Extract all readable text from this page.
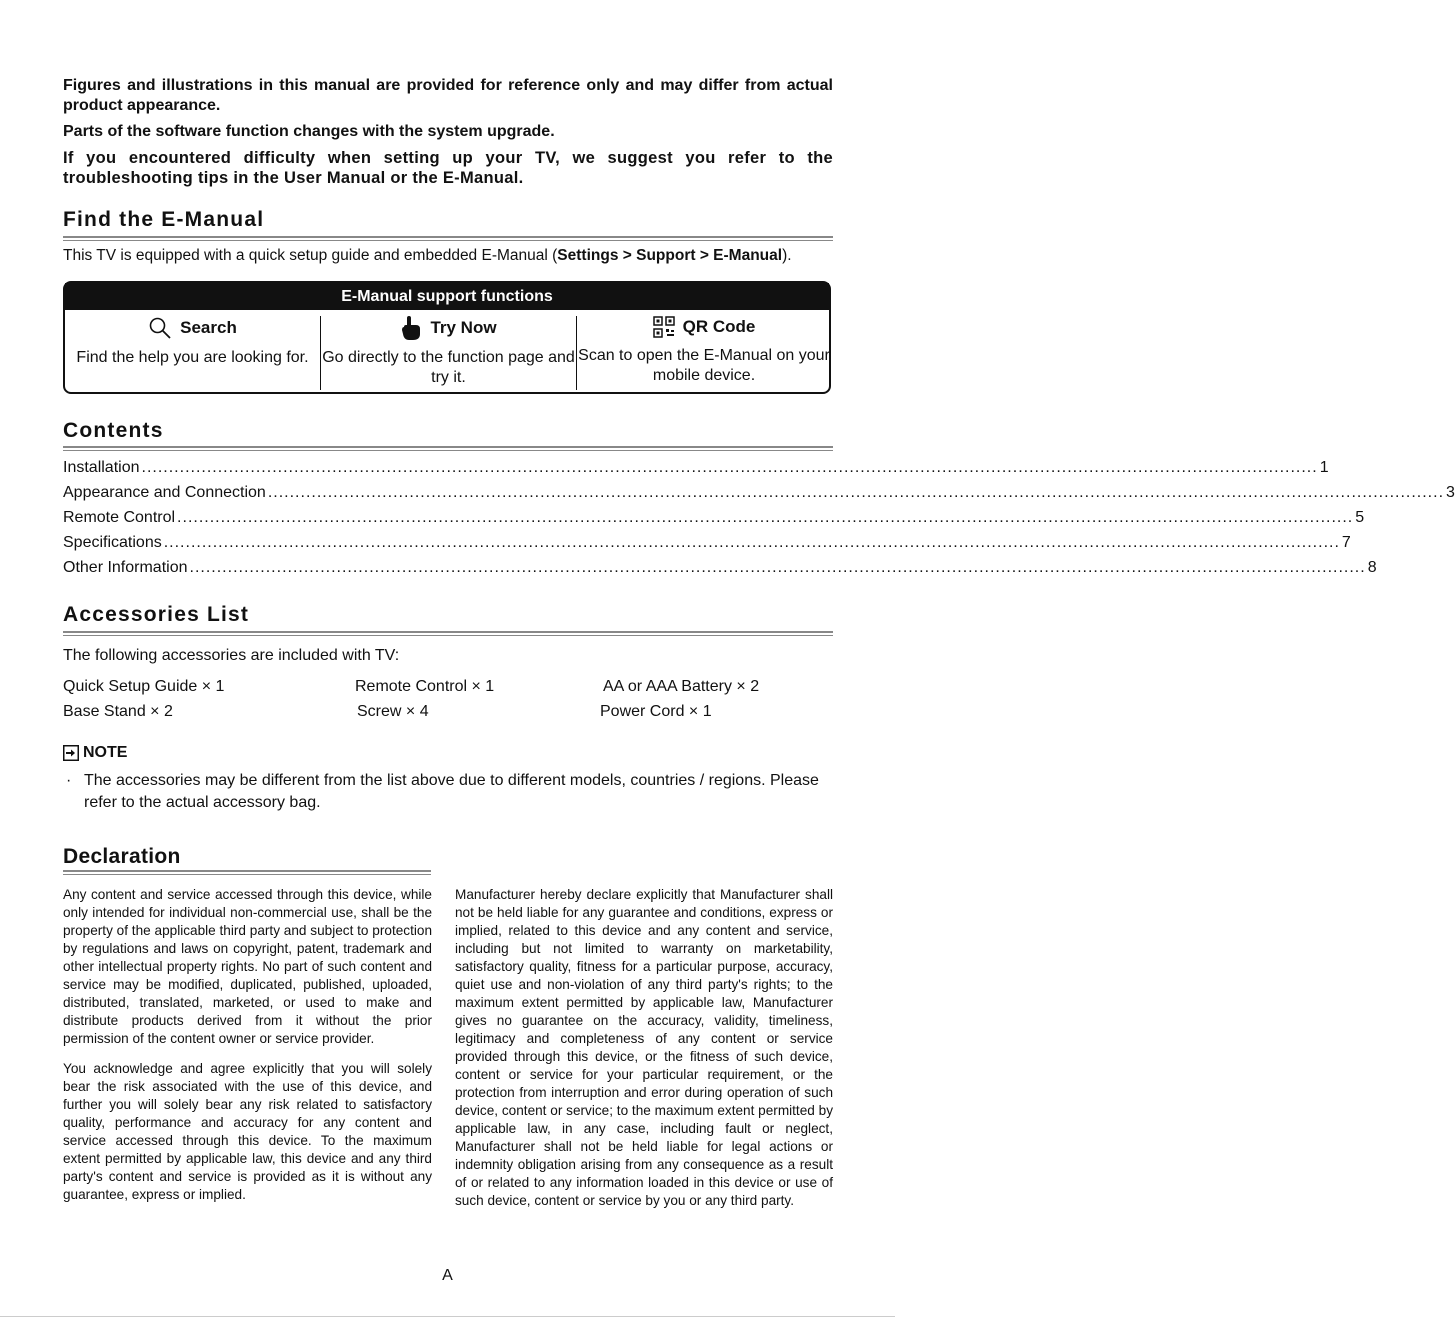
Figures and illustrations in this manual are provided for reference only and may differ from actual product appearance.
Parts of the software function changes with the system upgrade.
If you encountered difficulty when setting up your TV, we suggest you refer to the troubleshooting tips in the User Manual or the E-Manual.
Find the E-Manual
This TV is equipped with a quick setup guide and embedded E-Manual (Settings > Support > E-Manual).
E-Manual support functions
Search
Find the help you are looking for.
Try Now
Go directly to the function page and try it.
QR Code
Scan to open the E-Manual on your mobile device.
Contents
Installation ........................................................................................................................................................................................................................ 1
Appearance and Connection ........................................................................................................................................................................................................................ 3
Remote Control ........................................................................................................................................................................................................................ 5
Specifications ........................................................................................................................................................................................................................ 7
Other Information ........................................................................................................................................................................................................................ 8
Accessories List
The following accessories are included with TV:
Quick Setup Guide × 1	Remote Control × 1	AA or AAA Battery × 2
Base Stand × 2	Screw × 4	Power Cord × 1
NOTE
· The accessories may be different from the list above due to different models, countries / regions. Please refer to the actual accessory bag.
Declaration

Any content and service accessed through this device, while only intended for individual non-commercial use, shall be the property of the applicable third party and subject to protection by regulations and laws on copyright, patent, trademark and other intellectual property rights. No part of such content and service may be modified, duplicated, published, uploaded, distributed, translated, marketed, or used to make and distribute products derived from it without the prior permission of the content owner or service provider.

You acknowledge and agree explicitly that you will solely bear the risk associated with the use of this device, and further you will solely bear any risk related to satisfactory quality, performance and accuracy for any content and service accessed through this device. To the maximum extent permitted by applicable law, this device and any third party's content and service is provided as it is without any guarantee, express or implied.

Manufacturer hereby declare explicitly that Manufacturer shall not be held liable for any guarantee and conditions, express or implied, related to this device and any content and service, including but not limited to warranty on marketability, satisfactory quality, fitness for a particular purpose, accuracy, quiet use and non-violation of any third party's rights; to the maximum extent permitted by applicable law, Manufacturer gives no guarantee on the accuracy, validity, timeliness, legitimacy and completeness of any content or service provided through this device, or the fitness of such device, content or service for your particular requirement, or the protection from interruption and error during operation of such device, content or service; to the maximum extent permitted by applicable law, in any case, including fault or neglect, Manufacturer shall not be held liable for legal actions or indemnity obligation arising from any consequence as a result of or related to any information loaded in this device or use of such device, content or service by you or any third party.

A
